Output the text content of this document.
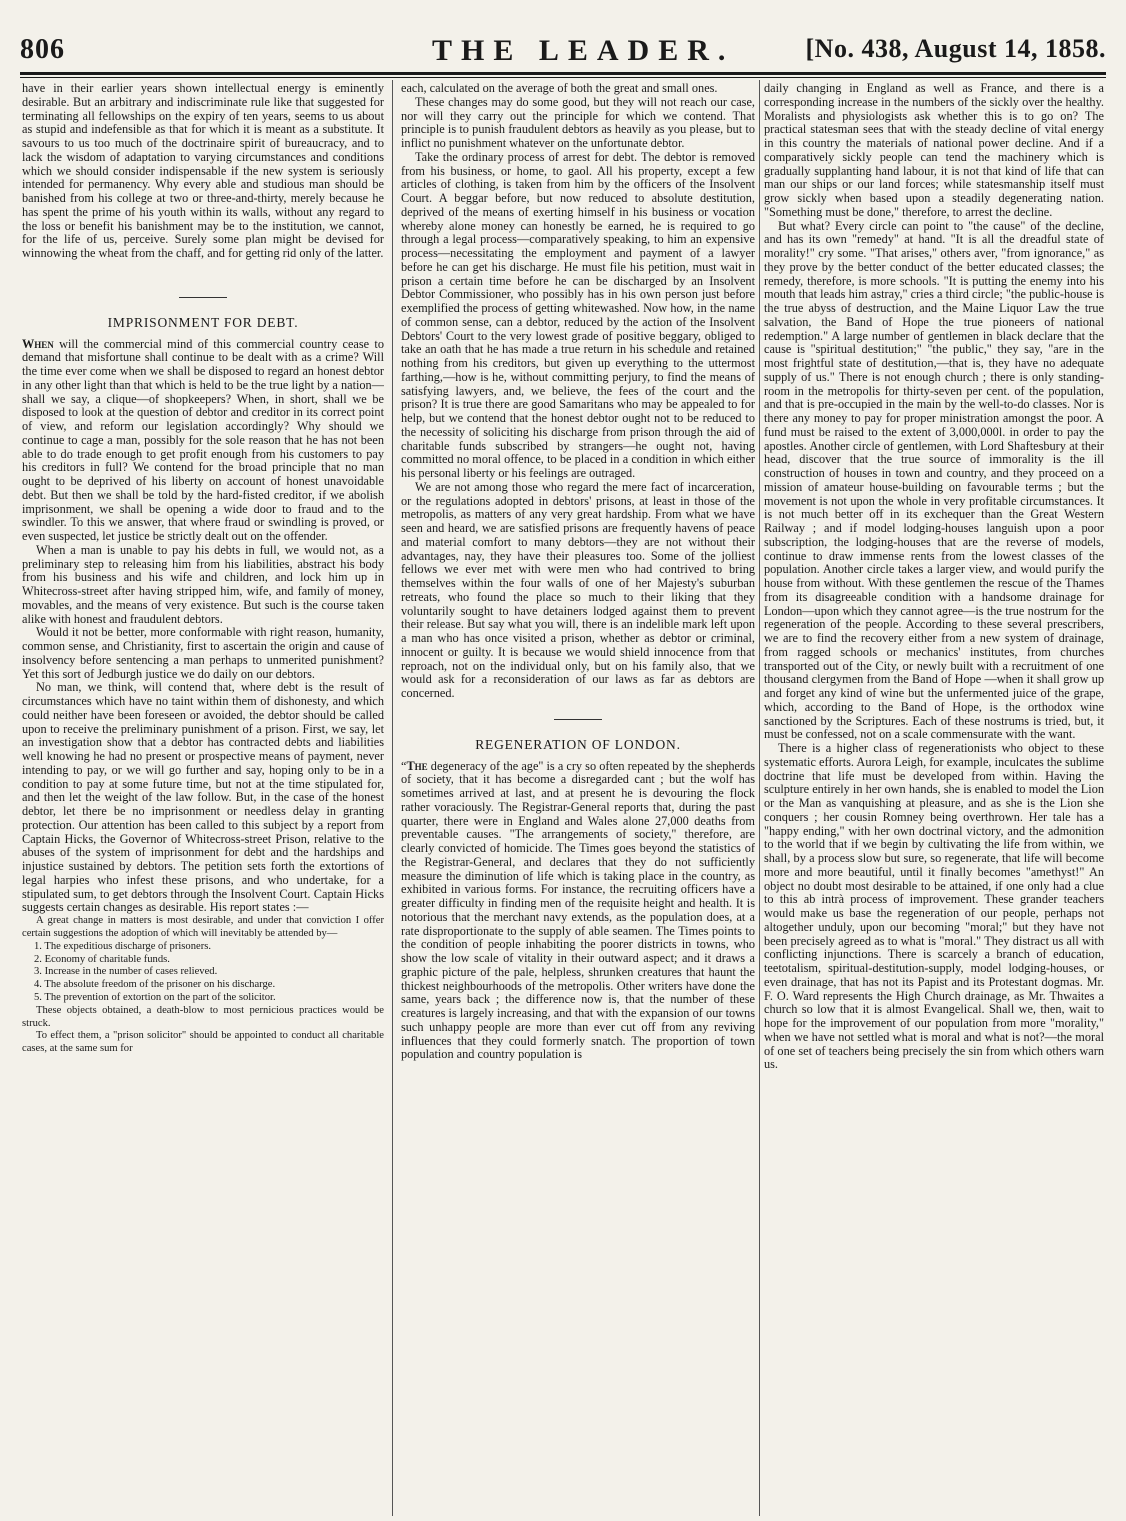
806	THE LEADER.	[No. 438, August 14, 1858.

have in their earlier years shown intellectual energy is eminently desirable. But an arbitrary and indiscriminate rule like that suggested for terminating all fellowships on the expiry of ten years, seems to us about as stupid and indefensible as that for which it is meant as a substitute. It savours to us too much of the doctrinaire spirit of bureaucracy, and to lack the wisdom of adaptation to varying circumstances and conditions which we should consider indispensable if the new system is seriously intended for permanency. Why every able and studious man should be banished from his college at two or three-and-thirty, merely because he has spent the prime of his youth within its walls, without any regard to the loss or benefit his banishment may be to the institution, we cannot, for the life of us, perceive. Surely some plan might be devised for winnowing the wheat from the chaff, and for getting rid only of the latter.

IMPRISONMENT FOR DEBT.

When will the commercial mind of this commercial country cease to demand that misfortune shall continue to be dealt with as a crime? Will the time ever come when we shall be disposed to regard an honest debtor in any other light than that which is held to be the true light by a nation—shall we say, a clique—of shopkeepers? When, in short, shall we be disposed to look at the question of debtor and creditor in its correct point of view, and reform our legislation accordingly? Why should we continue to cage a man, possibly for the sole reason that he has not been able to do trade enough to get profit enough from his customers to pay his creditors in full? We contend for the broad principle that no man ought to be deprived of his liberty on account of honest unavoidable debt. But then we shall be told by the hard-fisted creditor, if we abolish imprisonment, we shall be opening a wide door to fraud and to the swindler. To this we answer, that where fraud or swindling is proved, or even suspected, let justice be strictly dealt out on the offender.

When a man is unable to pay his debts in full, we would not, as a preliminary step to releasing him from his liabilities, abstract his body from his business and his wife and children, and lock him up in Whitecross-street after having stripped him, wife, and family of money, movables, and the means of very existence. But such is the course taken alike with honest and fraudulent debtors.

Would it not be better, more conformable with right reason, humanity, common sense, and Christianity, first to ascertain the origin and cause of insolvency before sentencing a man perhaps to unmerited punishment? Yet this sort of Jedburgh justice we do daily on our debtors.

No man, we think, will contend that, where debt is the result of circumstances which have no taint within them of dishonesty, and which could neither have been foreseen or avoided, the debtor should be called upon to receive the preliminary punishment of a prison. First, we say, let an investigation show that a debtor has contracted debts and liabilities well knowing he had no present or prospective means of payment, never intending to pay, or we will go further and say, hoping only to be in a condition to pay at some future time, but not at the time stipulated for, and then let the weight of the law follow. But, in the case of the honest debtor, let there be no imprisonment or needless delay in granting protection. Our attention has been called to this subject by a report from Captain Hicks, the Governor of Whitecross-street Prison, relative to the abuses of the system of imprisonment for debt and the hardships and injustice sustained by debtors. The petition sets forth the extortions of legal harpies who infest these prisons, and who undertake, for a stipulated sum, to get debtors through the Insolvent Court. Captain Hicks suggests certain changes as desirable. His report states :—

A great change in matters is most desirable, and under that conviction I offer certain suggestions the adoption of which will inevitably be attended by—

1. The expeditious discharge of prisoners.
2. Economy of charitable funds.
3. Increase in the number of cases relieved.
4. The absolute freedom of the prisoner on his discharge.
5. The prevention of extortion on the part of the solicitor.

These objects obtained, a death-blow to most pernicious practices would be struck.

To effect them, a "prison solicitor" should be appointed to conduct all charitable cases, at the same sum for

each, calculated on the average of both the great and small ones.

These changes may do some good, but they will not reach our case, nor will they carry out the principle for which we contend. That principle is to punish fraudulent debtors as heavily as you please, but to inflict no punishment whatever on the unfortunate debtor.

Take the ordinary process of arrest for debt. The debtor is removed from his business, or home, to gaol. All his property, except a few articles of clothing, is taken from him by the officers of the Insolvent Court. A beggar before, but now reduced to absolute destitution, deprived of the means of exerting himself in his business or vocation whereby alone money can honestly be earned, he is required to go through a legal process—comparatively speaking, to him an expensive process—necessitating the employment and payment of a lawyer before he can get his discharge. He must file his petition, must wait in prison a certain time before he can be discharged by an Insolvent Debtor Commissioner, who possibly has in his own person just before exemplified the process of getting whitewashed. Now how, in the name of common sense, can a debtor, reduced by the action of the Insolvent Debtors' Court to the very lowest grade of positive beggary, obliged to take an oath that he has made a true return in his schedule and retained nothing from his creditors, but given up everything to the uttermost farthing,—how is he, without committing perjury, to find the means of satisfying lawyers, and, we believe, the fees of the court and the prison? It is true there are good Samaritans who may be appealed to for help, but we contend that the honest debtor ought not to be reduced to the necessity of soliciting his discharge from prison through the aid of charitable funds subscribed by strangers—he ought not, having committed no moral offence, to be placed in a condition in which either his personal liberty or his feelings are outraged.

We are not among those who regard the mere fact of incarceration, or the regulations adopted in debtors' prisons, at least in those of the metropolis, as matters of any very great hardship. From what we have seen and heard, we are satisfied prisons are frequently havens of peace and material comfort to many debtors—they are not without their advantages, nay, they have their pleasures too. Some of the jolliest fellows we ever met with were men who had contrived to bring themselves within the four walls of one of her Majesty's suburban retreats, who found the place so much to their liking that they voluntarily sought to have detainers lodged against them to prevent their release. But say what you will, there is an indelible mark left upon a man who has once visited a prison, whether as debtor or criminal, innocent or guilty. It is because we would shield innocence from that reproach, not on the individual only, but on his family also, that we would ask for a reconsideration of our laws as far as debtors are concerned.

REGENERATION OF LONDON.

“The degeneracy of the age" is a cry so often repeated by the shepherds of society, that it has become a disregarded cant ; but the wolf has sometimes arrived at last, and at present he is devouring the flock rather voraciously. The Registrar-General reports that, during the past quarter, there were in England and Wales alone 27,000 deaths from preventable causes. "The arrangements of society," therefore, are clearly convicted of homicide. The Times goes beyond the statistics of the Registrar-General, and declares that they do not sufficiently measure the diminution of life which is taking place in the country, as exhibited in various forms. For instance, the recruiting officers have a greater difficulty in finding men of the requisite height and health. It is notorious that the merchant navy extends, as the population does, at a rate disproportionate to the supply of able seamen. The Times points to the condition of people inhabiting the poorer districts in towns, who show the low scale of vitality in their outward aspect; and it draws a graphic picture of the pale, helpless, shrunken creatures that haunt the thickest neighbourhoods of the metropolis. Other writers have done the same, years back ; the difference now is, that the number of these creatures is largely increasing, and that with the expansion of our towns such unhappy people are more than ever cut off from any reviving influences that they could formerly snatch. The proportion of town population and country population is

daily changing in England as well as France, and there is a corresponding increase in the numbers of the sickly over the healthy. Moralists and physiologists ask whether this is to go on? The practical statesman sees that with the steady decline of vital energy in this country the materials of national power decline. And if a comparatively sickly people can tend the machinery which is gradually supplanting hand labour, it is not that kind of life that can man our ships or our land forces; while statesmanship itself must grow sickly when based upon a steadily degenerating nation. "Something must be done," therefore, to arrest the decline.

But what? Every circle can point to "the cause" of the decline, and has its own "remedy" at hand. "It is all the dreadful state of morality!" cry some. "That arises," others aver, "from ignorance," as they prove by the better conduct of the better educated classes; the remedy, therefore, is more schools. "It is putting the enemy into his mouth that leads him astray," cries a third circle; "the public-house is the true abyss of destruction, and the Maine Liquor Law the true salvation, the Band of Hope the true pioneers of national redemption." A large number of gentlemen in black declare that the cause is "spiritual destitution;" "the public," they say, "are in the most frightful state of destitution,—that is, they have no adequate supply of us." There is not enough church ; there is only standing-room in the metropolis for thirty-seven per cent. of the population, and that is pre-occupied in the main by the well-to-do classes. Nor is there any money to pay for proper ministration amongst the poor. A fund must be raised to the extent of 3,000,000l. in order to pay the apostles. Another circle of gentlemen, with Lord Shaftesbury at their head, discover that the true source of immorality is the ill construction of houses in town and country, and they proceed on a mission of amateur house-building on favourable terms ; but the movement is not upon the whole in very profitable circumstances. It is not much better off in its exchequer than the Great Western Railway ; and if model lodging-houses languish upon a poor subscription, the lodging-houses that are the reverse of models, continue to draw immense rents from the lowest classes of the population. Another circle takes a larger view, and would purify the house from without. With these gentlemen the rescue of the Thames from its disagreeable condition with a handsome drainage for London—upon which they cannot agree—is the true nostrum for the regeneration of the people. According to these several prescribers, we are to find the recovery either from a new system of drainage, from ragged schools or mechanics' institutes, from churches transported out of the City, or newly built with a recruitment of one thousand clergymen from the Band of Hope —when it shall grow up and forget any kind of wine but the unfermented juice of the grape, which, according to the Band of Hope, is the orthodox wine sanctioned by the Scriptures. Each of these nostrums is tried, but, it must be confessed, not on a scale commensurate with the want.

There is a higher class of regenerationists who object to these systematic efforts. Aurora Leigh, for example, inculcates the sublime doctrine that life must be developed from within. Having the sculpture entirely in her own hands, she is enabled to model the Lion or the Man as vanquishing at pleasure, and as she is the Lion she conquers ; her cousin Romney being overthrown. Her tale has a "happy ending," with her own doctrinal victory, and the admonition to the world that if we begin by cultivating the life from within, we shall, by a process slow but sure, so regenerate, that life will become more and more beautiful, until it finally becomes "amethyst!" An object no doubt most desirable to be attained, if one only had a clue to this ab intrà process of improvement. These grander teachers would make us base the regeneration of our people, perhaps not altogether unduly, upon our becoming "moral;" but they have not been precisely agreed as to what is "moral." They distract us all with conflicting injunctions. There is scarcely a branch of education, teetotalism, spiritual-destitution-supply, model lodging-houses, or even drainage, that has not its Papist and its Protestant dogmas. Mr. F. O. Ward represents the High Church drainage, as Mr. Thwaites a church so low that it is almost Evangelical. Shall we, then, wait to hope for the improvement of our population from more "morality," when we have not settled what is moral and what is not?—the moral of one set of teachers being precisely the sin from which others warn us.
